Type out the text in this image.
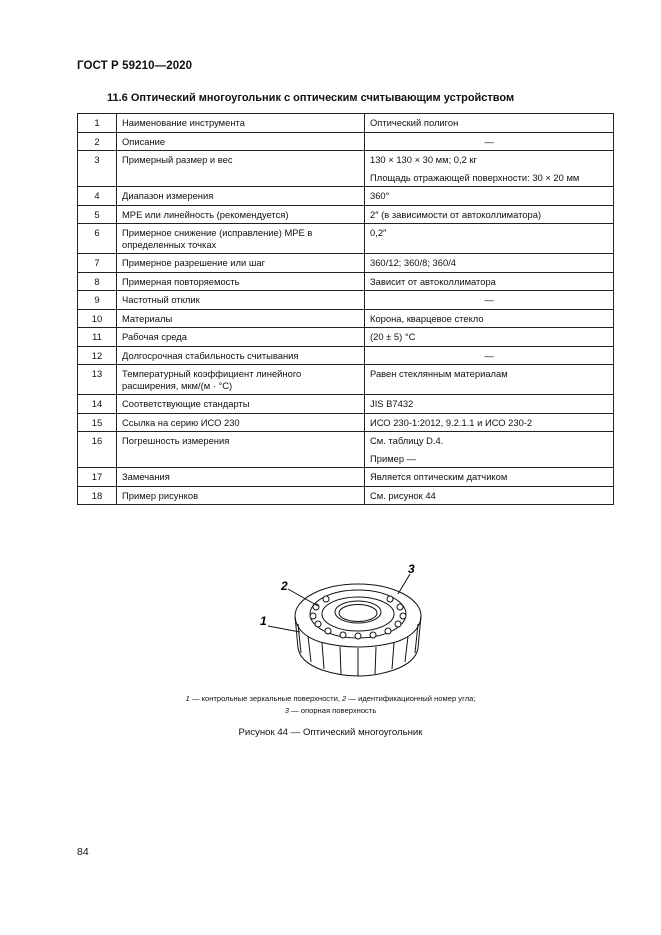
ГОСТ Р 59210—2020
11.6 Оптический многоугольник с оптическим считывающим устройством
1	Наименование инструмента	Оптический полигон

2	Описание	—

3	Примерный размер и вес	130 × 130 × 30 мм; 0,2 кг
Площадь отражающей поверхности: 30 × 20 мм

4	Диапазон измерения	360°

5	МРЕ или линейность (рекомендуется)	2″ (в зависимости от автоколлиматора)

6	Примерное снижение (исправление) МРЕ в определенных точках	0,2″

7	Примерное разрешение или шаг	360/12; 360/8; 360/4

8	Примерная повторяемость	Зависит от автоколлиматора

9	Частотный отклик	—

10	Материалы	Корона, кварцевое стекло

11	Рабочая среда	(20 ± 5) °С

12	Долгосрочная стабильность считывания	—

13	Температурный коэффициент линейного расширения, мкм/(м · °С)	Равен стеклянным материалам

14	Соответствующие стандарты	JIS В7432

15	Ссылка на серию ИСО 230	ИСО 230-1:2012, 9.2.1.1 и ИСО 230-2

16	Погрешность измерения	См. таблицу D.4.
Пример —

17	Замечания	Является оптическим датчиком

18	Пример рисунков	См. рисунок 44
2
3
1
1 — контрольные зеркальные поверхности, 2 — идентификационный номер угла;
3 — опорная поверхность
Рисунок 44 — Оптический многоугольник
84
